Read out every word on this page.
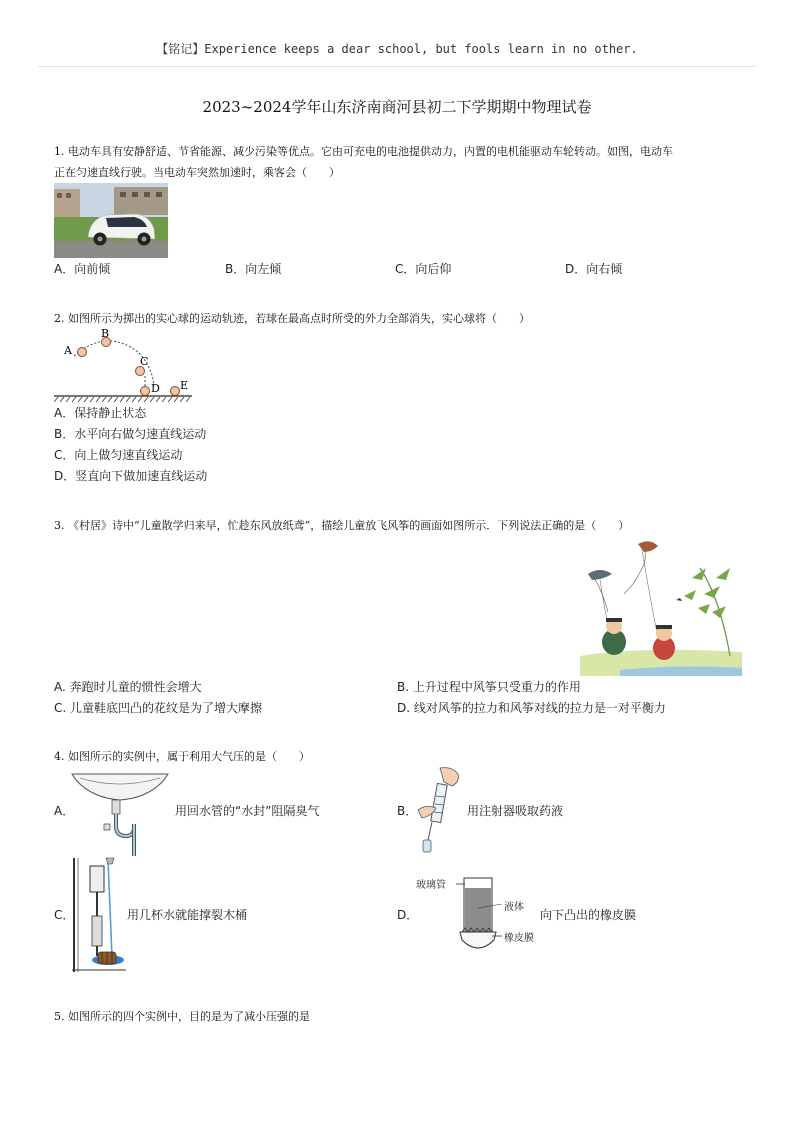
【铭记】Experience keeps a dear school, but fools learn in no other.
2023~2024学年山东济南商河县初二下学期期中物理试卷
1. 电动车具有安静舒适、节省能源、减少污染等优点。它由可充电的电池提供动力，内置的电机能驱动车轮转动。如图，电动车
正在匀速直线行驶。当电动车突然加速时，乘客会（　　）
A．向前倾	B．向左倾	C．向后仰	D．向右倾
2. 如图所示为掷出的实心球的运动轨迹，若球在最高点时所受的外力全部消失，实心球将（　　）
A
B
C
D E
A．保持静止状态
B．水平向右做匀速直线运动
C．向上做匀速直线运动
D．竖直向下做加速直线运动
3. 《村居》诗中“儿童散学归来早，忙趁东风放纸鸢”，描绘儿童放飞风筝的画面如图所示．下列说法正确的是（　　）
A. 奔跑时儿童的惯性会增大	B. 上升过程中风筝只受重力的作用
C. 儿童鞋底凹凸的花纹是为了增大摩擦	D. 线对风筝的拉力和风筝对线的拉力是一对平衡力
4. 如图所示的实例中，属于利用大气压的是（　　）
A．	用回水管的“水封”阻隔臭气	B．	用注射器吸取药液
C．	用几杯水就能撑裂木桶	D．
玻璃管
液体
橡皮膜
向下凸出的橡皮膜
5. 如图所示的四个实例中，目的是为了减小压强的是
